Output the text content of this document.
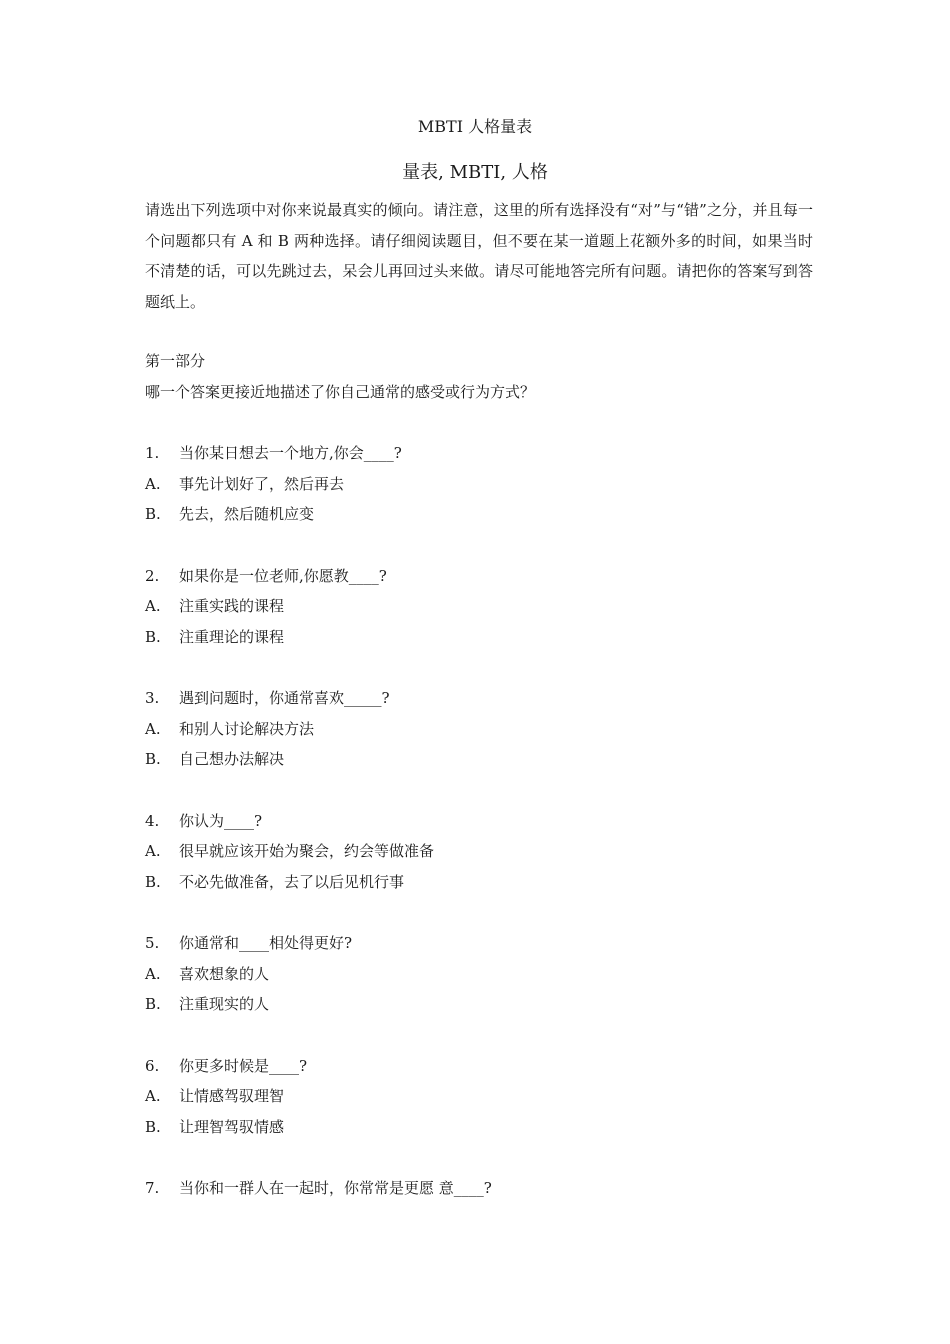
MBTI 人格量表
量表, MBTI, 人格

请选出下列选项中对你来说最真实的倾向。请注意，这里的所有选择没有“对”与“错”之分，并且每一个问题都只有 A 和 B 两种选择。请仔细阅读题目，但不要在某一道题上花额外多的时间，如果当时不清楚的话，可以先跳过去，呆会儿再回过头来做。请尽可能地答完所有问题。请把你的答案写到答题纸上。

第一部分
哪一个答案更接近地描述了你自己通常的感受或行为方式？
1. 当你某日想去一个地方,你会____?
A. 事先计划好了，然后再去
B. 先去，然后随机应变
2. 如果你是一位老师,你愿教____?
A. 注重实践的课程
B. 注重理论的课程
3. 遇到问题时，你通常喜欢_____?
A. 和别人讨论解决方法
B. 自己想办法解决
4. 你认为____?
A. 很早就应该开始为聚会，约会等做准备
B. 不必先做准备，去了以后见机行事
5. 你通常和____相处得更好?
A. 喜欢想象的人
B. 注重现实的人
6. 你更多时候是____?
A. 让情感驾驭理智
B. 让理智驾驭情感
7. 当你和一群人在一起时，你常常是更愿 意____?
